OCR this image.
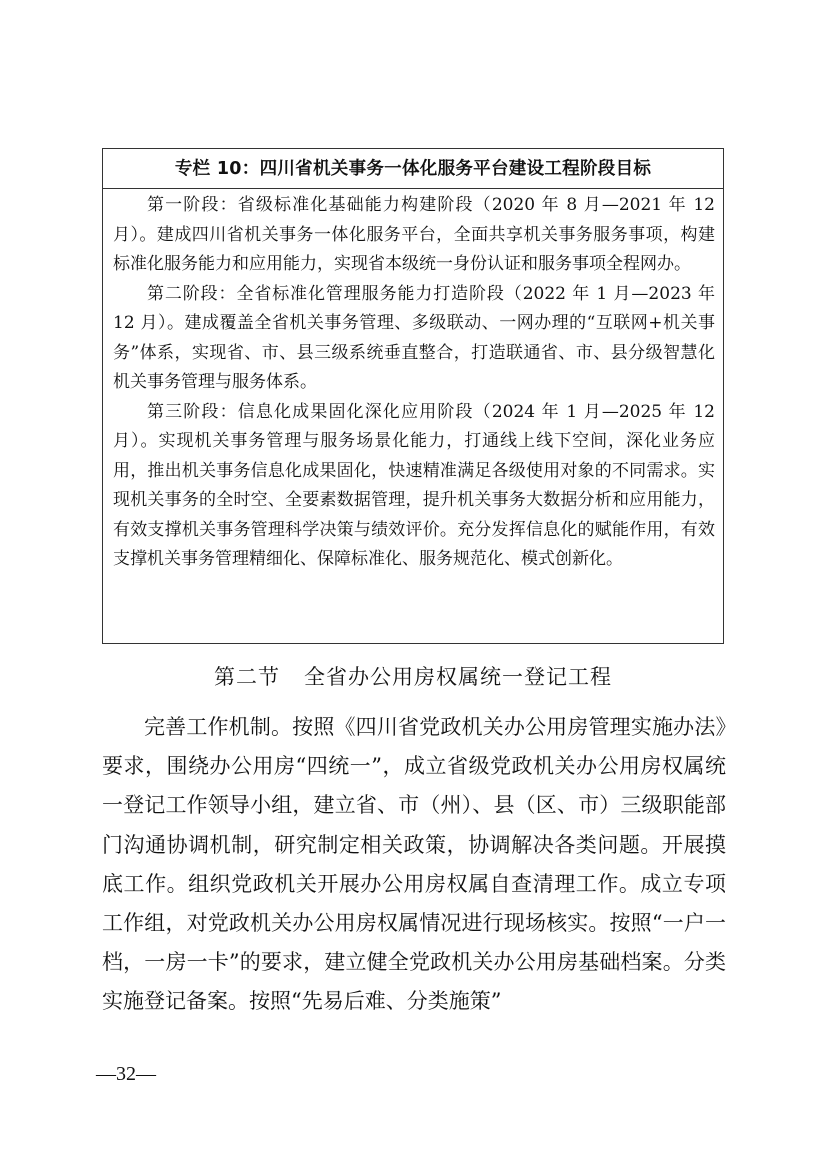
专栏 10：四川省机关事务一体化服务平台建设工程阶段目标

第一阶段：省级标准化基础能力构建阶段（2020 年 8 月—2021 年 12 月）。建成四川省机关事务一体化服务平台，全面共享机关事务服务事项，构建标准化服务能力和应用能力，实现省本级统一身份认证和服务事项全程网办。

第二阶段：全省标准化管理服务能力打造阶段（2022 年 1 月—2023 年 12 月）。建成覆盖全省机关事务管理、多级联动、一网办理的“互联网+机关事务”体系，实现省、市、县三级系统垂直整合，打造联通省、市、县分级智慧化机关事务管理与服务体系。

第三阶段：信息化成果固化深化应用阶段（2024 年 1 月—2025 年 12 月）。实现机关事务管理与服务场景化能力，打通线上线下空间，深化业务应用，推出机关事务信息化成果固化，快速精准满足各级使用对象的不同需求。实现机关事务的全时空、全要素数据管理，提升机关事务大数据分析和应用能力，有效支撑机关事务管理科学决策与绩效评价。充分发挥信息化的赋能作用，有效支撑机关事务管理精细化、保障标准化、服务规范化、模式创新化。

第二节 全省办公用房权属统一登记工程

完善工作机制。按照《四川省党政机关办公用房管理实施办法》要求，围绕办公用房“四统一”，成立省级党政机关办公用房权属统一登记工作领导小组，建立省、市（州）、县（区、市）三级职能部门沟通协调机制，研究制定相关政策，协调解决各类问题。开展摸底工作。组织党政机关开展办公用房权属自查清理工作。成立专项工作组，对党政机关办公用房权属情况进行现场核实。按照“一户一档，一房一卡”的要求，建立健全党政机关办公用房基础档案。分类实施登记备案。按照“先易后难、分类施策”

—32—
